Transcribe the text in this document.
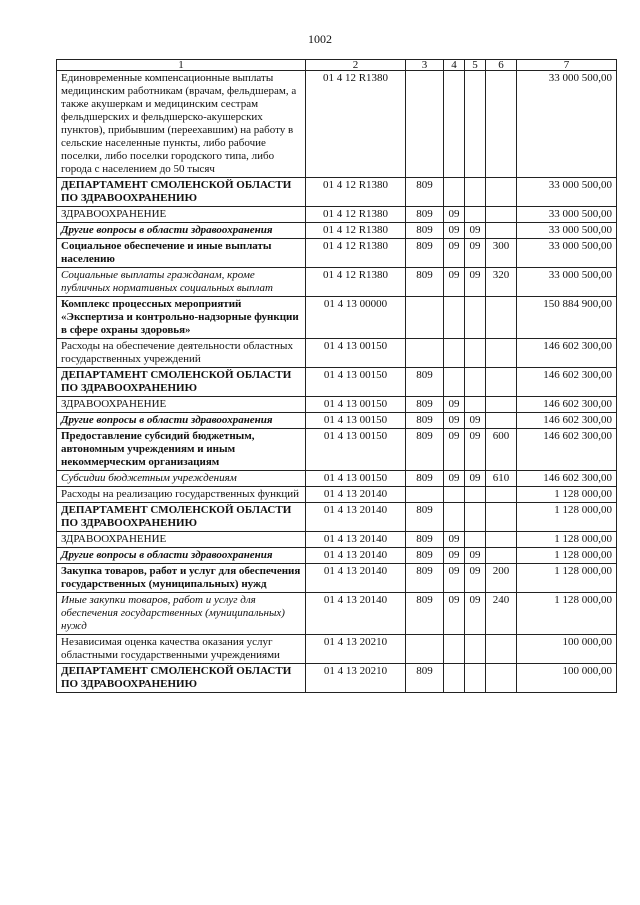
1002
1	2	3	4	5	6	7
Единовременные компенсационные выплаты медицинским работникам (врачам, фельдшерам, а также акушеркам и медицинским сестрам фельдшерских и фельдшерско-акушерских пунктов), прибывшим (переехавшим) на работу в сельские населенные пункты, либо рабочие поселки, либо поселки городского типа, либо города с населением до 50 тысяч	01 4 12 R1380					33 000 500,00
ДЕПАРТАМЕНТ СМОЛЕНСКОЙ ОБЛАСТИ ПО ЗДРАВООХРАНЕНИЮ	01 4 12 R1380	809				33 000 500,00
ЗДРАВООХРАНЕНИЕ	01 4 12 R1380	809	09			33 000 500,00
Другие вопросы в области здравоохранения	01 4 12 R1380	809	09	09		33 000 500,00
Социальное обеспечение и иные выплаты населению	01 4 12 R1380	809	09	09	300	33 000 500,00
Социальные выплаты гражданам, кроме публичных нормативных социальных выплат	01 4 12 R1380	809	09	09	320	33 000 500,00
Комплекс процессных мероприятий «Экспертиза и контрольно-надзорные функции в сфере охраны здоровья»	01 4 13 00000					150 884 900,00
Расходы на обеспечение деятельности областных государственных учреждений	01 4 13 00150					146 602 300,00
ДЕПАРТАМЕНТ СМОЛЕНСКОЙ ОБЛАСТИ ПО ЗДРАВООХРАНЕНИЮ	01 4 13 00150	809				146 602 300,00
ЗДРАВООХРАНЕНИЕ	01 4 13 00150	809	09			146 602 300,00
Другие вопросы в области здравоохранения	01 4 13 00150	809	09	09		146 602 300,00
Предоставление субсидий бюджетным, автономным учреждениям и иным некоммерческим организациям	01 4 13 00150	809	09	09	600	146 602 300,00
Субсидии бюджетным учреждениям	01 4 13 00150	809	09	09	610	146 602 300,00
Расходы на реализацию государственных функций	01 4 13 20140					1 128 000,00
ДЕПАРТАМЕНТ СМОЛЕНСКОЙ ОБЛАСТИ ПО ЗДРАВООХРАНЕНИЮ	01 4 13 20140	809				1 128 000,00
ЗДРАВООХРАНЕНИЕ	01 4 13 20140	809	09			1 128 000,00
Другие вопросы в области здравоохранения	01 4 13 20140	809	09	09		1 128 000,00
Закупка товаров, работ и услуг для обеспечения государственных (муниципальных) нужд	01 4 13 20140	809	09	09	200	1 128 000,00
Иные закупки товаров, работ и услуг для обеспечения государственных (муниципальных) нужд	01 4 13 20140	809	09	09	240	1 128 000,00
Независимая оценка качества оказания услуг областными государственными учреждениями	01 4 13 20210					100 000,00
ДЕПАРТАМЕНТ СМОЛЕНСКОЙ ОБЛАСТИ ПО ЗДРАВООХРАНЕНИЮ	01 4 13 20210	809				100 000,00
